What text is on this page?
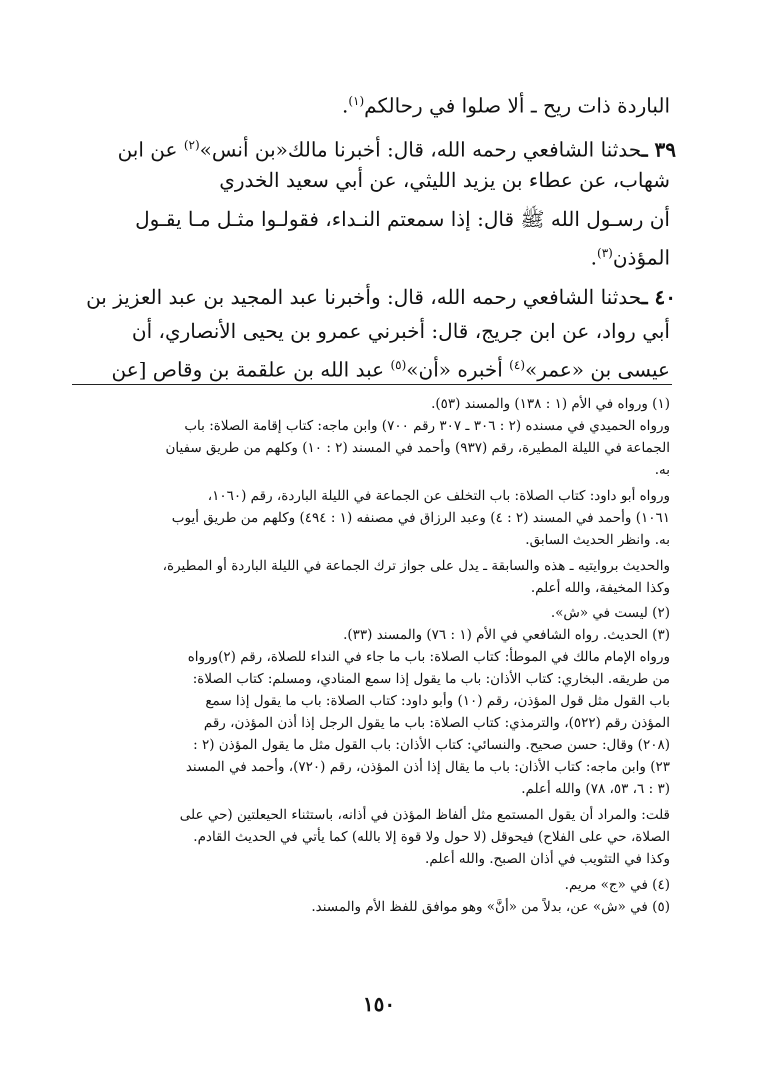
الباردة ذات ريح ـ ألا صلوا في رحالكم$^{(١)}$.
٣٩ ـحدثنا الشافعي رحمه الله، قال: أخبرنا مالك«بن أنس»$^{(٢)}$ عن ابن
شهاب، عن عطاء بن يزيد الليثي، عن أبي سعيد الخدري
أن رسـول الله ﷺ قال: إذا سمعتم النـداء، فقولـوا مثـل مـا يقـول
المؤذن$^{(٣)}$.
٤٠ ـحدثنا الشافعي رحمه الله، قال: وأخبرنا عبد المجيد بن عبد العزيز بن
أبي رواد، عن ابن جريج، قال: أخبرني عمرو بن يحيى الأنصاري، أن
عيسى بن «عمر»$^{(٤)}$ أخبره «أن»$^{(٥)}$ عبد الله بن علقمة بن وقاص [عن
(١) ورواه في الأم (١ : ١٣٨) والمسند (٥٣).
ورواه الحميدي في مسنده (٢ : ٣٠٦ ـ ٣٠٧ رقم ٧٠٠) وابن ماجه: كتاب إقامة الصلاة: باب
الجماعة في الليلة المطيرة، رقم (٩٣٧) وأحمد في المسند (٢ : ١٠) وكلهم من طريق سفيان
به.
ورواه أبو داود: كتاب الصلاة: باب التخلف عن الجماعة في الليلة الباردة، رقم (١٠٦٠،
١٠٦١) وأحمد في المسند (٢ : ٤) وعبد الرزاق في مصنفه (١ : ٤٩٤) وكلهم من طريق أيوب
به. وانظر الحديث السابق.
والحديث بروايتيه ـ هذه والسابقة ـ يدل على جواز ترك الجماعة في الليلة الباردة أو المطيرة،
وكذا المخيفة، والله أعلم.
(٢) ليست في «ش».
(٣) الحديث. رواه الشافعي في الأم (١ : ٧٦) والمسند (٣٣).
ورواه الإمام مالك في الموطأ: كتاب الصلاة: باب ما جاء في النداء للصلاة، رقم (٢)ورواه
من طريقه. البخاري: كتاب الأذان: باب ما يقول إذا سمع المنادي، ومسلم: كتاب الصلاة:
باب القول مثل قول المؤذن، رقم (١٠) وأبو داود: كتاب الصلاة: باب ما يقول إذا سمع
المؤذن رقم (٥٢٢)، والترمذي: كتاب الصلاة: باب ما يقول الرجل إذا أذن المؤذن، رقم
(٢٠٨) وقال: حسن صحيح. والنسائي: كتاب الأذان: باب القول مثل ما يقول المؤذن (٢ :
٢٣) وابن ماجه: كتاب الأذان: باب ما يقال إذا أذن المؤذن، رقم (٧٢٠)، وأحمد في المسند
(٣ : ٦، ٥٣، ٧٨) والله أعلم.
قلت: والمراد أن يقول المستمع مثل ألفاظ المؤذن في أذانه، باستثناء الحيعلتين (حي على
الصلاة، حي على الفلاح) فيحوقل (لا حول ولا قوة إلا بالله) كما يأتي في الحديث القادم.
وكذا في التثويب في أذان الصبح. والله أعلم.
(٤) في «ج» مريم.
(٥) في «ش» عن، بدلاً من «أنَّ» وهو موافق للفظ الأم والمسند.
١٥٠
